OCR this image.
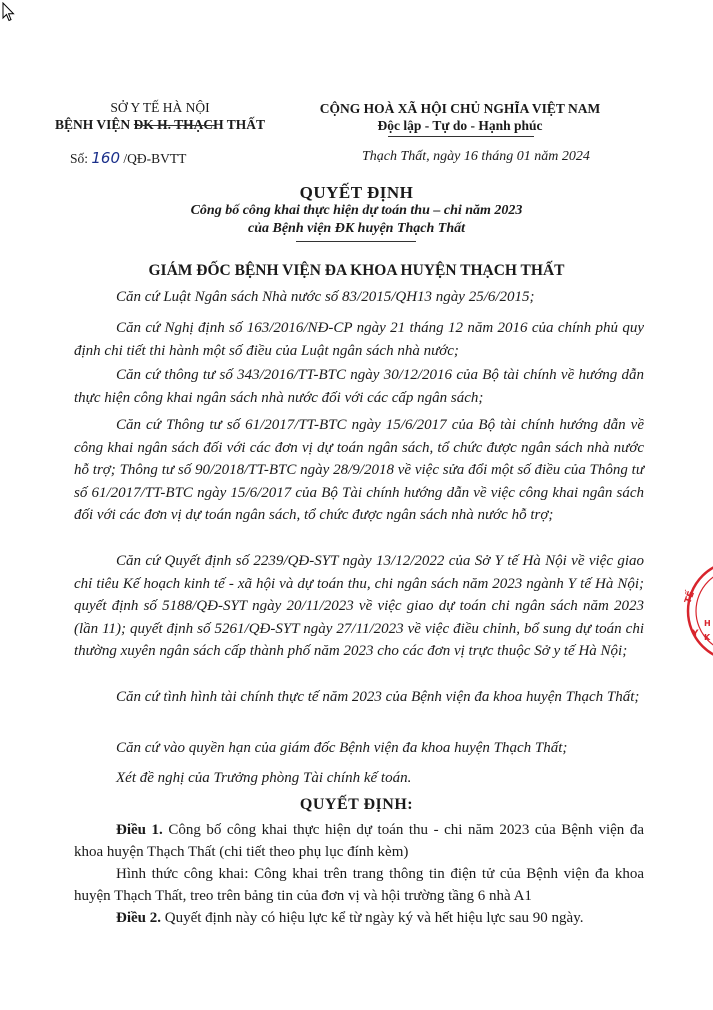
SỞ Y TẾ HÀ NỘI
BỆNH VIỆN ĐK H. THẠCH THẤT
Số: 160 /QĐ-BVTT
CỘNG HOÀ XÃ HỘI CHỦ NGHĨA VIỆT NAM
Độc lập - Tự do - Hạnh phúc
Thạch Thất, ngày 16 tháng 01 năm 2024
QUYẾT ĐỊNH
Công bố công khai thực hiện dự toán thu – chi năm 2023
của Bệnh viện ĐK huyện Thạch Thất
GIÁM ĐỐC BỆNH VIỆN ĐA KHOA HUYỆN THẠCH THẤT
Căn cứ Luật Ngân sách Nhà nước số 83/2015/QH13 ngày 25/6/2015;
Căn cứ Nghị định số 163/2016/NĐ-CP ngày 21 tháng 12 năm 2016 của chính phủ quy định chi tiết thi hành một số điều của Luật ngân sách nhà nước;
Căn cứ thông tư số 343/2016/TT-BTC ngày 30/12/2016 của Bộ tài chính về hướng dẫn thực hiện công khai ngân sách nhà nước đối với các cấp ngân sách;
Căn cứ Thông tư số 61/2017/TT-BTC ngày 15/6/2017 của Bộ tài chính hướng dẫn về công khai ngân sách đối với các đơn vị dự toán ngân sách, tổ chức được ngân sách nhà nước hỗ trợ; Thông tư số 90/2018/TT-BTC ngày 28/9/2018 về việc sửa đổi một số điều của Thông tư số 61/2017/TT-BTC ngày 15/6/2017 của Bộ Tài chính hướng dẫn về việc công khai ngân sách đối với các đơn vị dự toán ngân sách, tổ chức được ngân sách nhà nước hỗ trợ;
Căn cứ Quyết định số 2239/QĐ-SYT ngày 13/12/2022 của Sở Y tế Hà Nội về việc giao chỉ tiêu Kế hoạch kinh tế - xã hội và dự toán thu, chi ngân sách năm 2023 ngành Y tế Hà Nội; quyết định số 5188/QĐ-SYT ngày 20/11/2023 về việc giao dự toán chi ngân sách năm 2023 (lần 11); quyết định số 5261/QĐ-SYT ngày 27/11/2023 về việc điều chỉnh, bổ sung dự toán chi thường xuyên ngân sách cấp thành phố năm 2023 cho các đơn vị trực thuộc Sở y tế Hà Nội;
Căn cứ tình hình tài chính thực tế năm 2023 của Bệnh viện đa khoa huyện Thạch Thất;
Căn cứ vào quyền hạn của giám đốc Bệnh viện đa khoa huyện Thạch Thất;
Xét đề nghị của Trưởng phòng Tài chính kế toán.
QUYẾT ĐỊNH:
Điều 1. Công bố công khai thực hiện dự toán thu - chi năm 2023 của Bệnh viện đa khoa huyện Thạch Thất (chi tiết theo phụ lục đính kèm)
Hình thức công khai: Công khai trên trang thông tin điện tử của Bệnh viện đa khoa huyện Thạch Thất, treo trên bảng tin của đơn vị và hội trường tầng 6 nhà A1
Điều 2. Quyết định này có hiệu lực kể từ ngày ký và hết hiệu lực sau 90 ngày.
TẾ
Y
H
K
